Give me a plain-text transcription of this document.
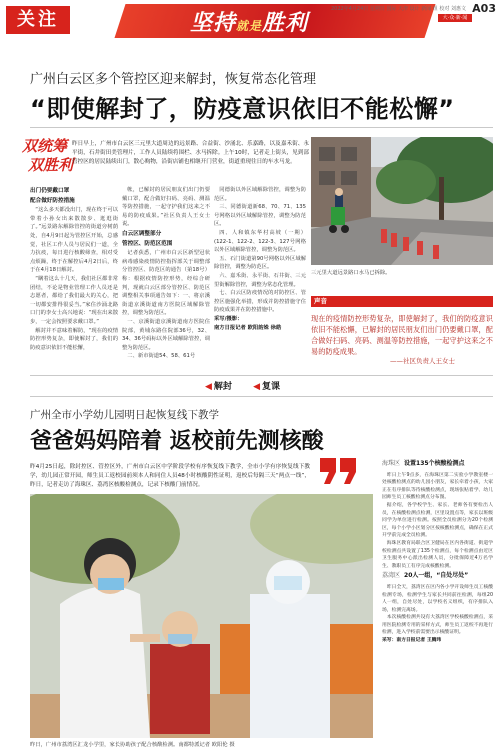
关注	坚持就是胜利
2022年4月24日 星期日 国际 天津 设计 新闻 组 校对 刘惠文
大·众·新·闻
A03
广州白云区多个管控区迎来解封，恢复常态化管理
“即使解封了，防疫意识依旧不能松懈”
双统筹
双胜利
昨日早上，广州市白云区三元里大道周边的远景路、合益街、沙涌北、乐嘉路，以及嘉禾街、永平街，石井街田美管理片，工作人员陆续将围栏、水马拆除。上午10时，记者走上街头，见到部管控区的居民陆续出门，散心购物，沿街店铺也相继开门营业，街道重现往日的车水马龙。
出门仍要戴口罩
配合做好防控措施

“这么多天都没出门，现在终于可以带着小孙女出来散散步、逛逛街了。”远景路东解除管控的街道旁树荫处，自4月9日起为管控区开始，总感觉，社区工作人员与居民们一道，全力抗疫，每日进行核酸筛查，相对受点烦躁，终于在解控后4月2日后，终于在4月18日解封。

“瞒着这么十几天，我们社区都非常团结，不论是物业管理工作人员还是志愿者，都给了我们最大的关心，把一切都安排得很妥当。”家住沙涌北路口门的李女士高兴地说：“现在出来散步，一定会按照要求戴口罩。”

解封并不意味着解防，“现在的疫情防控形势复杂，即使解封了，我们的防疫意识依旧不能松懈，

帐，已解封的居民朋友们出门仍要戴口罩，配合做好扫码、亮码、测温等防控措施，一起守护我们这来之不易的防疫成果。”社区负责人王女士说。

白云区调整部分
管控区、防范区范围

记者获悉，广州市白云区新型冠状病毒感染疫情防控指挥部关于调整部分管控区、防范区的通告（第18号）称：根据疫情防控形势，经综合研判，现就白云区部分管控区、防范区调整相关事项通告如下：一、将京溪街道京溪街道南方医院区域解除管控，调整为防范区。

一、京溪街道京溪街道南方医院住院部，黄埔东路住院部36号，32、34、36号码标以外区域解除管控，调整为防范区。

二、新市街道54、58、61号

同德街以外区域解除管控，调整为防范区。

三、同德街道新68、70、71、135号网格以外区域解除管控，调整为防范区。

四、人和镇东华村高坡（一期）(122-1、122-2、122-3、127号网格以外区域解除管控，调整为防范区。

五、石门街道第90号网格以外区域解除管控，调整为防范区。

六、嘉禾街、永平街、石井街、三元里街解除管控，调整为常态化管理。

七、白云区防疫情况的对防控区、管控区施强化举措，形成并防控措施守住防疫成果并在防控措施中。

采写/摄影：
南方日报记者 欧阳韵姝 徐皓
三元里大道远景路口水马已拆除。
声音
现在的疫情防控形势复杂，即使解封了，我们的防疫意识依旧不能松懈，已解封的居民朋友们出门仍要戴口罩，配合做好扫码、亮码、测温等防控措施，一起守护这来之不易的防疫成果。
——社区负责人王女士
◀ 解封 ◀ 复课
广州全市小学幼儿园明日起恢复线下教学
爸爸妈妈陪着 返校前先测核酸
昨4月25日起，除封控区、管控区外，广州市白云区中学阶段学校有序恢复线下教学，全市小学有序恢复线下教学，幼儿园正常开园，师生员工返校园前须本人和同住人员48小时核酸阴性证明，返校后每隔三天“两点一线”，昨日，记者走访了海珠区、荔湾区核酸检测点，记录下核酸门前情况。
昨日，广州市荔湾区汇龙小学里，家长协助孩子配合核酸检测。南都特派记者 欧阳伦 摄
海珠区 设置135个核酸检测点

昨日上午9点多，在海珠区第二实验小学教室楼一处核酸检测点的幼儿园小朋友，家长牵着小孩，大家正在有序排队等待核酸检测点，现场张贴着学、幼儿园师生员工核酸检测点分布图。

据介绍，各学校学生、家长、老师各有要检出人员，在核酸检测点检测，区里设置点等，家长以班级同学为单位进行检测。按照全员检测分为20个检测区，每个小学小区划分区按核酸检测点，确保在正式开学前完成全员检测。

海珠区教育局联合区卫健局在区内各街道、街道学校检测点共设置了135个检测点，每个检测点由近区卫生服务中心派出检测人员，分批保障近4万名学生、教职员工有序完成核酸检测。

荔湾区 20人一组，“自处尽处”

昨日全天，荔湾区在区内各小学开设师生员工核酸检测专场，检测学生与家长共同前往检测，每组20人一组，自处尽处，以学校名义组织，有序排队入场，检测完离场。

本次核酸检测共设有大荔湾区学校核酸检测点，采用医院检测专用的采样方式，师生员工返校不再进行检测，进入学校前需要出示核酸证明。

采写：南方日报记者 王腾玮
